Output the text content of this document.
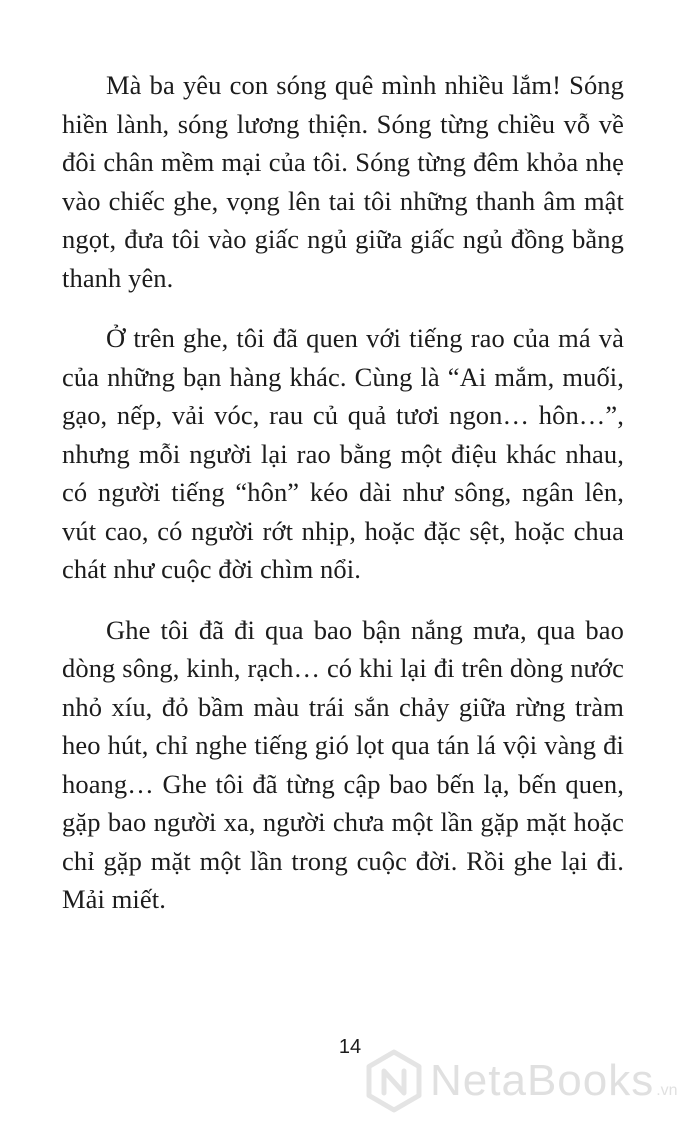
Mà ba yêu con sóng quê mình nhiều lắm! Sóng hiền lành, sóng lương thiện. Sóng từng chiều vỗ về đôi chân mềm mại của tôi. Sóng từng đêm khỏa nhẹ vào chiếc ghe, vọng lên tai tôi những thanh âm mật ngọt, đưa tôi vào giấc ngủ giữa giấc ngủ đồng bằng thanh yên.

Ở trên ghe, tôi đã quen với tiếng rao của má và của những bạn hàng khác. Cùng là “Ai mắm, muối, gạo, nếp, vải vóc, rau củ quả tươi ngon… hôn…”, nhưng mỗi người lại rao bằng một điệu khác nhau, có người tiếng “hôn” kéo dài như sông, ngân lên, vút cao, có người rớt nhịp, hoặc đặc sệt, hoặc chua chát như cuộc đời chìm nổi.

Ghe tôi đã đi qua bao bận nắng mưa, qua bao dòng sông, kinh, rạch… có khi lại đi trên dòng nước nhỏ xíu, đỏ bầm màu trái sắn chảy giữa rừng tràm heo hút, chỉ nghe tiếng gió lọt qua tán lá vội vàng đi hoang… Ghe tôi đã từng cập bao bến lạ, bến quen, gặp bao người xa, người chưa một lần gặp mặt hoặc chỉ gặp mặt một lần trong cuộc đời. Rồi ghe lại đi. Mải miết.

14
NetaBooks .vn
